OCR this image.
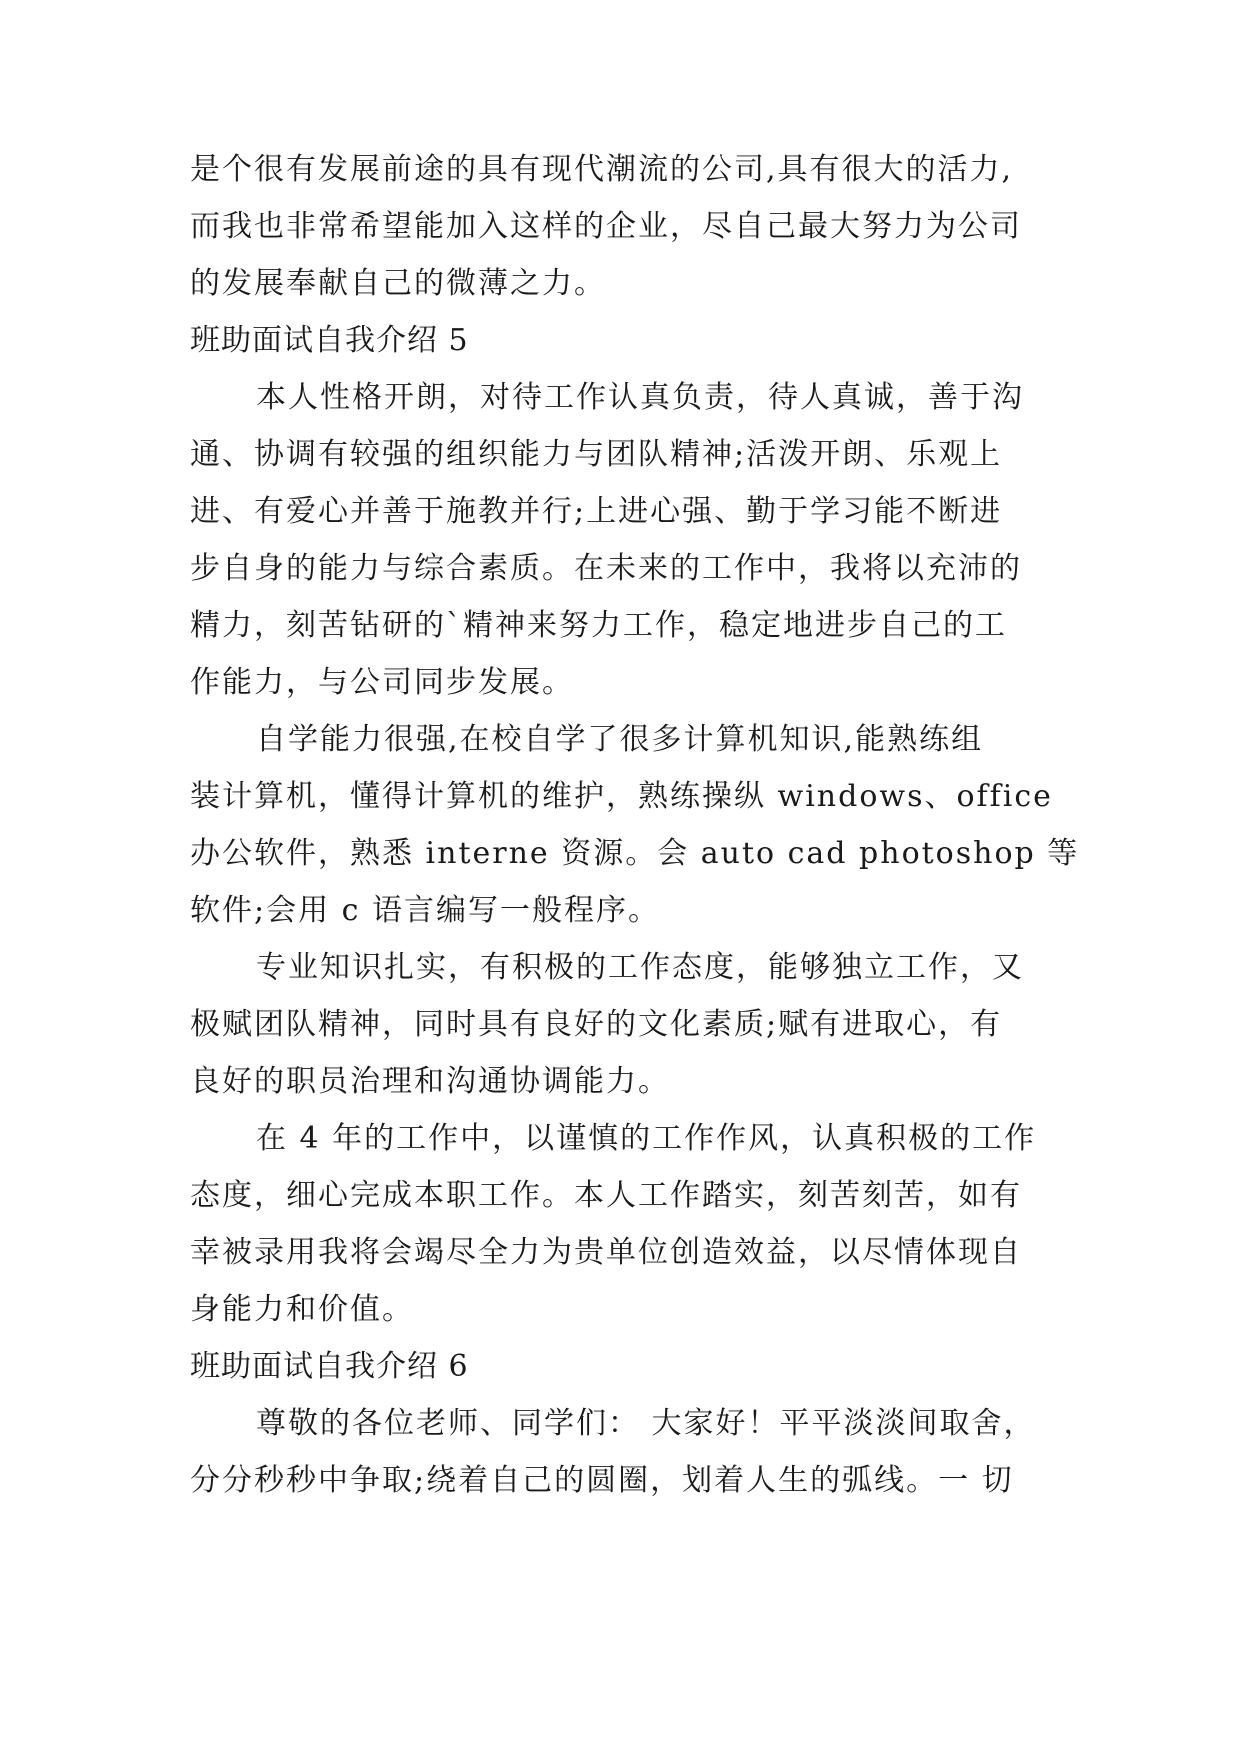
是个很有发展前途的具有现代潮流的公司,具有很大的活力,
而我也非常希望能加入这样的企业，尽自己最大努力为公司
的发展奉献自己的微薄之力。
班助面试自我介绍 5
本人性格开朗，对待工作认真负责，待人真诚，善于沟
通、协调有较强的组织能力与团队精神;活泼开朗、乐观上
进、有爱心并善于施教并行;上进心强、勤于学习能不断进
步自身的能力与综合素质。在未来的工作中，我将以充沛的
精力，刻苦钻研的`精神来努力工作，稳定地进步自己的工
作能力，与公司同步发展。
自学能力很强,在校自学了很多计算机知识,能熟练组
装计算机，懂得计算机的维护，熟练操纵 windows、office
办公软件，熟悉 interne 资源。会 auto cad photoshop 等
软件;会用 c 语言编写一般程序。
专业知识扎实，有积极的工作态度，能够独立工作，又
极赋团队精神，同时具有良好的文化素质;赋有进取心，有
良好的职员治理和沟通协调能力。
在 4 年的工作中，以谨慎的工作作风，认真积极的工作
态度，细心完成本职工作。本人工作踏实，刻苦刻苦，如有
幸被录用我将会竭尽全力为贵单位创造效益，以尽情体现自
身能力和价值。
班助面试自我介绍 6
尊敬的各位老师、同学们： 大家好！平平淡淡间取舍，
分分秒秒中争取;绕着自己的圆圈，划着人生的弧线。一 切
